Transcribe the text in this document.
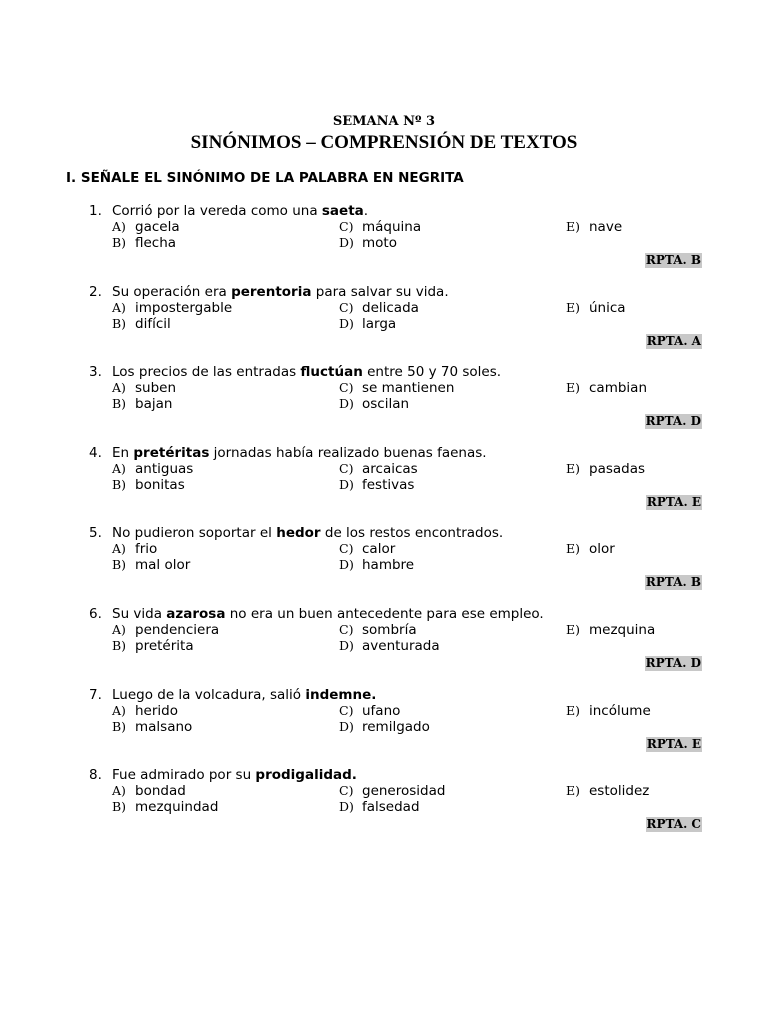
SEMANA Nº 3
SINÓNIMOS – COMPRENSIÓN DE TEXTOS
I. SEÑALE EL SINÓNIMO DE LA PALABRA EN NEGRITA
1. Corrió por la vereda como una saeta.
A) gacela
B) flecha
C) máquina
D) moto
E) nave
RPTA. B
2. Su operación era perentoria para salvar su vida.
A) impostergable
B) difícil
C) delicada
D) larga
E) única
RPTA. A
3. Los precios de las entradas fluctúan entre 50 y 70 soles.
A) suben
B) bajan
C) se mantienen
D) oscilan
E) cambian
RPTA. D
4. En pretéritas jornadas había realizado buenas faenas.
A) antiguas
B) bonitas
C) arcaicas
D) festivas
E) pasadas
RPTA. E
5. No pudieron soportar el hedor de los restos encontrados.
A) frio
B) mal olor
C) calor
D) hambre
E) olor
RPTA. B
6. Su vida azarosa no era un buen antecedente para ese empleo.
A) pendenciera
B) pretérita
C) sombría
D) aventurada
E) mezquina
RPTA. D
7. Luego de la volcadura, salió indemne.
A) herido
B) malsano
C) ufano
D) remilgado
E) incólume
RPTA. E
8. Fue admirado por su prodigalidad.
A) bondad
B) mezquindad
C) generosidad
D) falsedad
E) estolidez
RPTA. C
